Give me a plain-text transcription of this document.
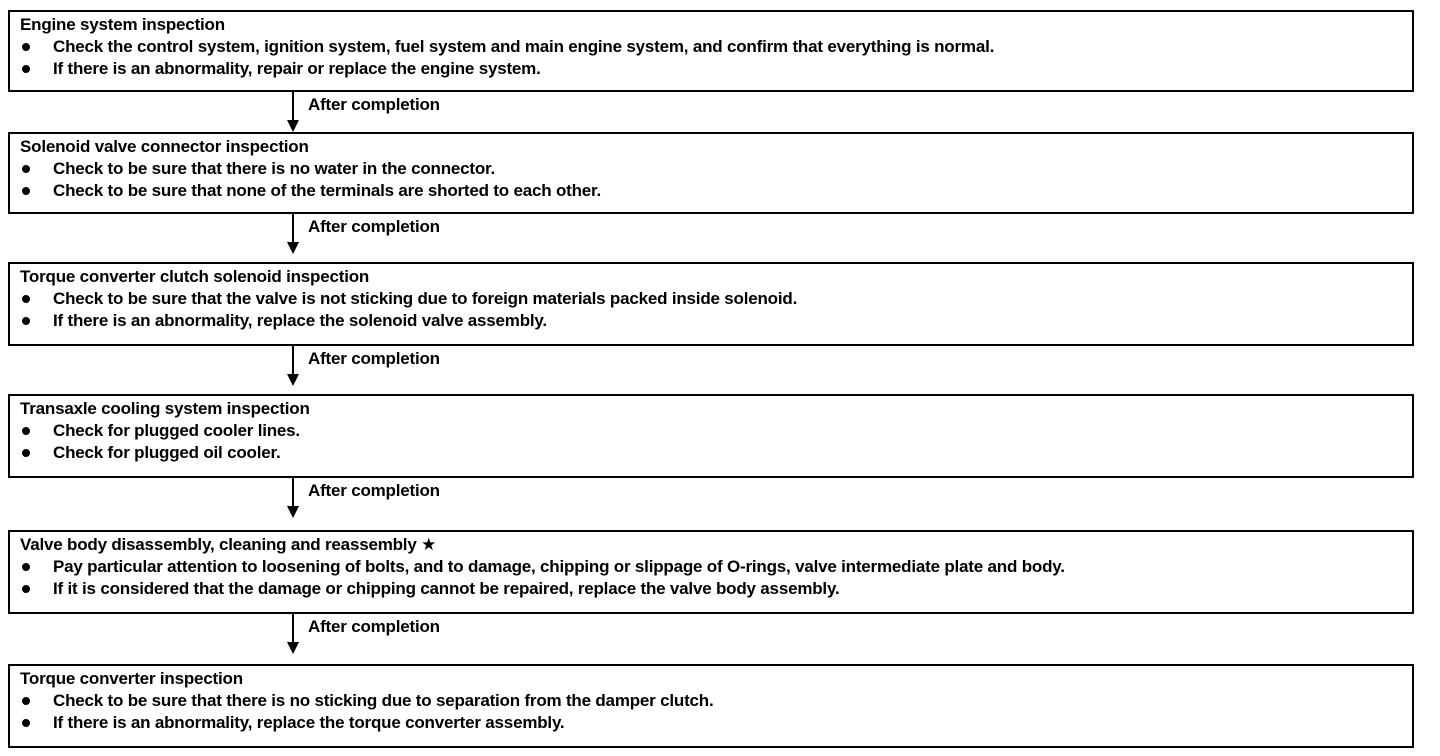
Engine system inspection
Check the control system, ignition system, fuel system and main engine system, and confirm that everything is normal.
If there is an abnormality, repair or replace the engine system.
After completion
Solenoid valve connector inspection
Check to be sure that there is no water in the connector.
Check to be sure that none of the terminals are shorted to each other.
After completion
Torque converter clutch solenoid inspection
Check to be sure that the valve is not sticking due to foreign materials packed inside solenoid.
If there is an abnormality, replace the solenoid valve assembly.
After completion
Transaxle cooling system inspection
Check for plugged cooler lines.
Check for plugged oil cooler.
After completion
Valve body disassembly, cleaning and reassembly ★
Pay particular attention to loosening of bolts, and to damage, chipping or slippage of O-rings, valve intermediate plate and body.
If it is considered that the damage or chipping cannot be repaired, replace the valve body assembly.
After completion
Torque converter inspection
Check to be sure that there is no sticking due to separation from the damper clutch.
If there is an abnormality, replace the torque converter assembly.
